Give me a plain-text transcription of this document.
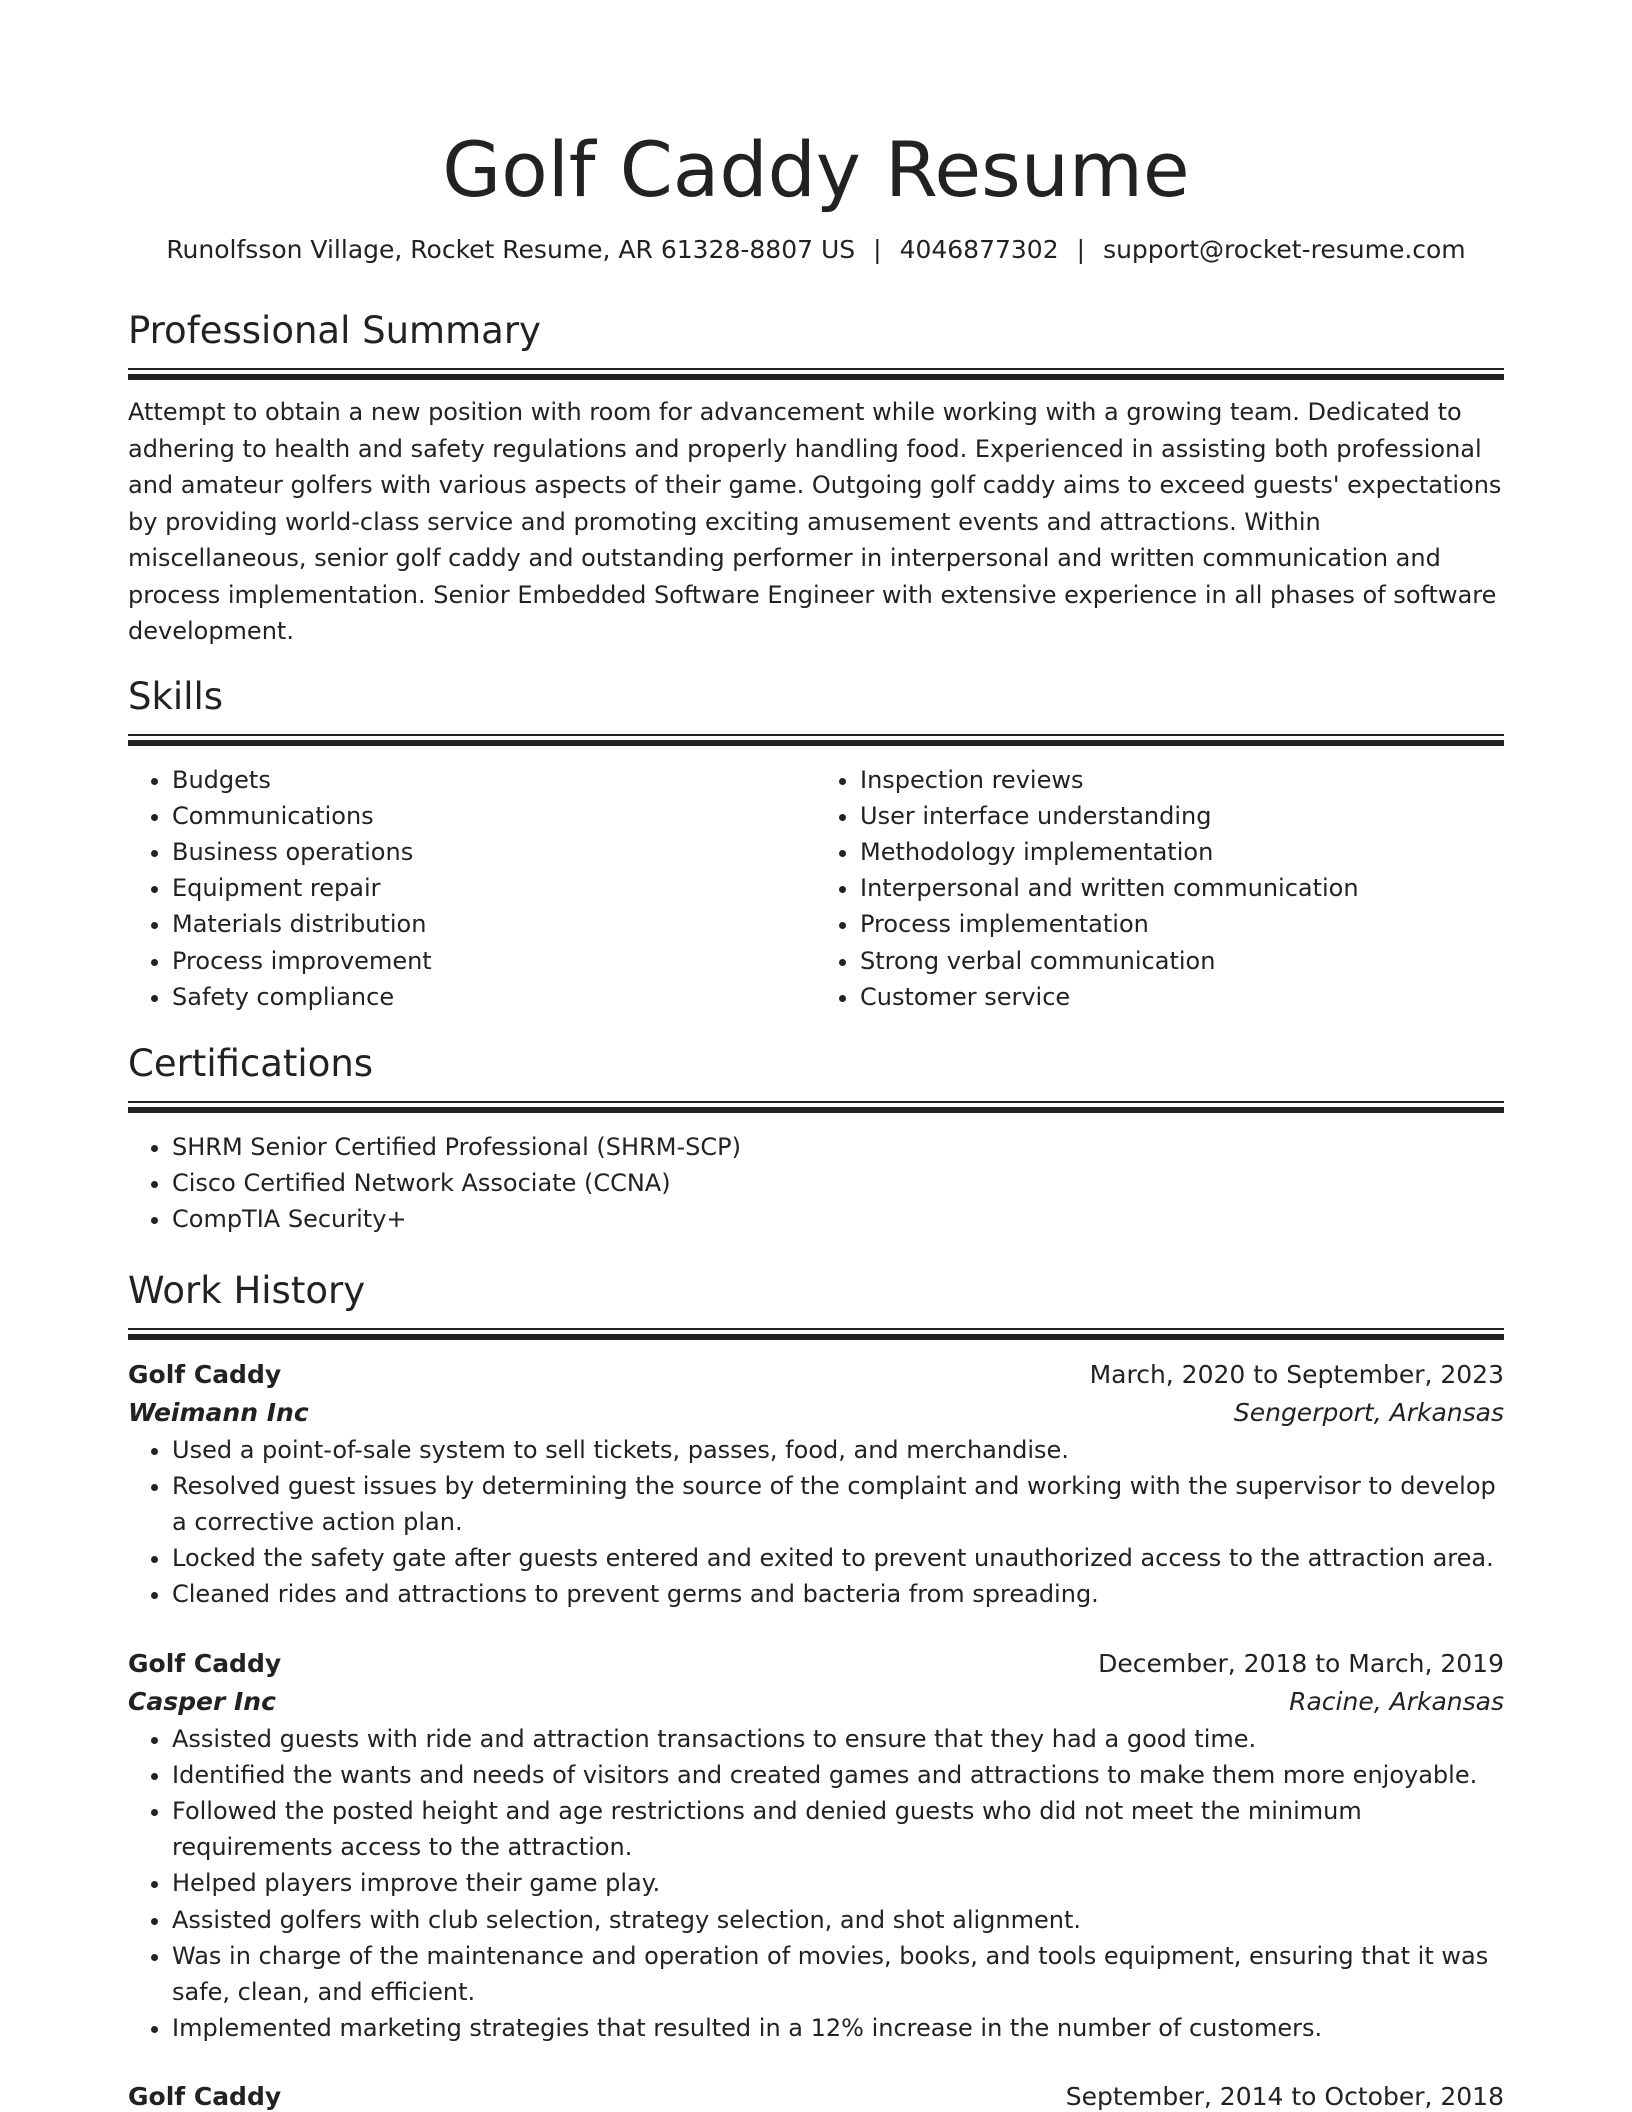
Golf Caddy Resume
Runolfsson Village, Rocket Resume, AR 61328-8807 US | 4046877302 | support@rocket-resume.com
Professional Summary
Attempt to obtain a new position with room for advancement while working with a growing team. Dedicated to adhering to health and safety regulations and properly handling food. Experienced in assisting both professional and amateur golfers with various aspects of their game. Outgoing golf caddy aims to exceed guests' expectations by providing world-class service and promoting exciting amusement events and attractions. Within miscellaneous, senior golf caddy and outstanding performer in interpersonal and written communication and process implementation. Senior Embedded Software Engineer with extensive experience in all phases of software development.
Skills
• Budgets
• Communications
• Business operations
• Equipment repair
• Materials distribution
• Process improvement
• Safety compliance
• Inspection reviews
• User interface understanding
• Methodology implementation
• Interpersonal and written communication
• Process implementation
• Strong verbal communication
• Customer service
Certifications
• SHRM Senior Certified Professional (SHRM-SCP)
• Cisco Certified Network Associate (CCNA)
• CompTIA Security+
Work History
Golf Caddy	March, 2020 to September, 2023
Weimann Inc	Sengerport, Arkansas
• Used a point-of-sale system to sell tickets, passes, food, and merchandise.
• Resolved guest issues by determining the source of the complaint and working with the supervisor to develop a corrective action plan.
• Locked the safety gate after guests entered and exited to prevent unauthorized access to the attraction area.
• Cleaned rides and attractions to prevent germs and bacteria from spreading.
Golf Caddy	December, 2018 to March, 2019
Casper Inc	Racine, Arkansas
• Assisted guests with ride and attraction transactions to ensure that they had a good time.
• Identified the wants and needs of visitors and created games and attractions to make them more enjoyable.
• Followed the posted height and age restrictions and denied guests who did not meet the minimum requirements access to the attraction.
• Helped players improve their game play.
• Assisted golfers with club selection, strategy selection, and shot alignment.
• Was in charge of the maintenance and operation of movies, books, and tools equipment, ensuring that it was safe, clean, and efficient.
• Implemented marketing strategies that resulted in a 12% increase in the number of customers.
Golf Caddy	September, 2014 to October, 2018
